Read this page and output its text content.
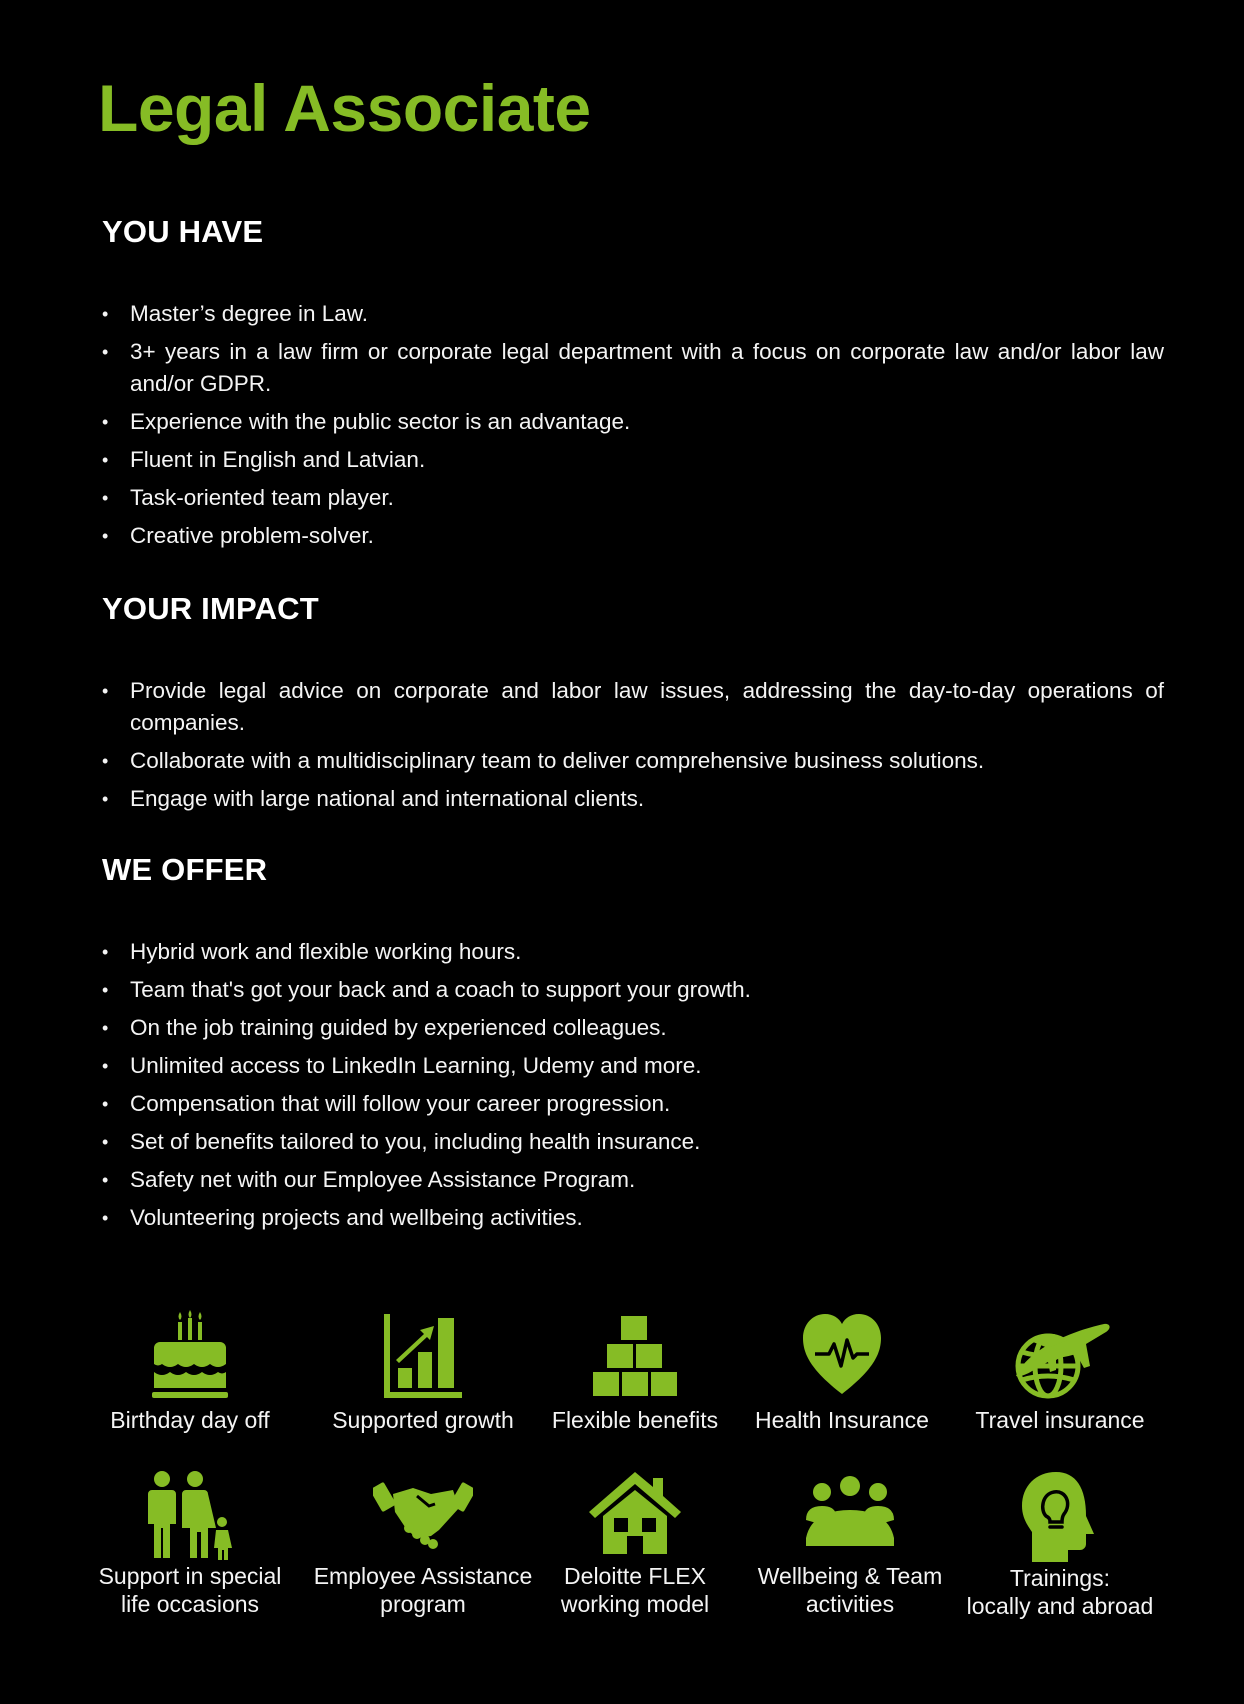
Legal Associate
YOU HAVE
• Master’s degree in Law.
• 3+ years in a law firm or corporate legal department with a focus on corporate law and/or labor law and/or GDPR.
• Experience with the public sector is an advantage.
• Fluent in English and Latvian.
• Task-oriented team player.
• Creative problem-solver.
YOUR IMPACT
• Provide legal advice on corporate and labor law issues, addressing the day-to-day operations of companies.
• Collaborate with a multidisciplinary team to deliver comprehensive business solutions.
• Engage with large national and international clients.
WE OFFER
• Hybrid work and flexible working hours.
• Team that's got your back and a coach to support your growth.
• On the job training guided by experienced colleagues.
• Unlimited access to LinkedIn Learning, Udemy and more.
• Compensation that will follow your career progression.
• Set of benefits tailored to you, including health insurance.
• Safety net with our Employee Assistance Program.
• Volunteering projects and wellbeing activities.
Birthday day off	Supported growth	Flexible benefits	Health Insurance	Travel insurance
Support in special
life occasions
Employee Assistance
program
Deloitte FLEX
working model
Wellbeing & Team
activities
Trainings:
locally and abroad
